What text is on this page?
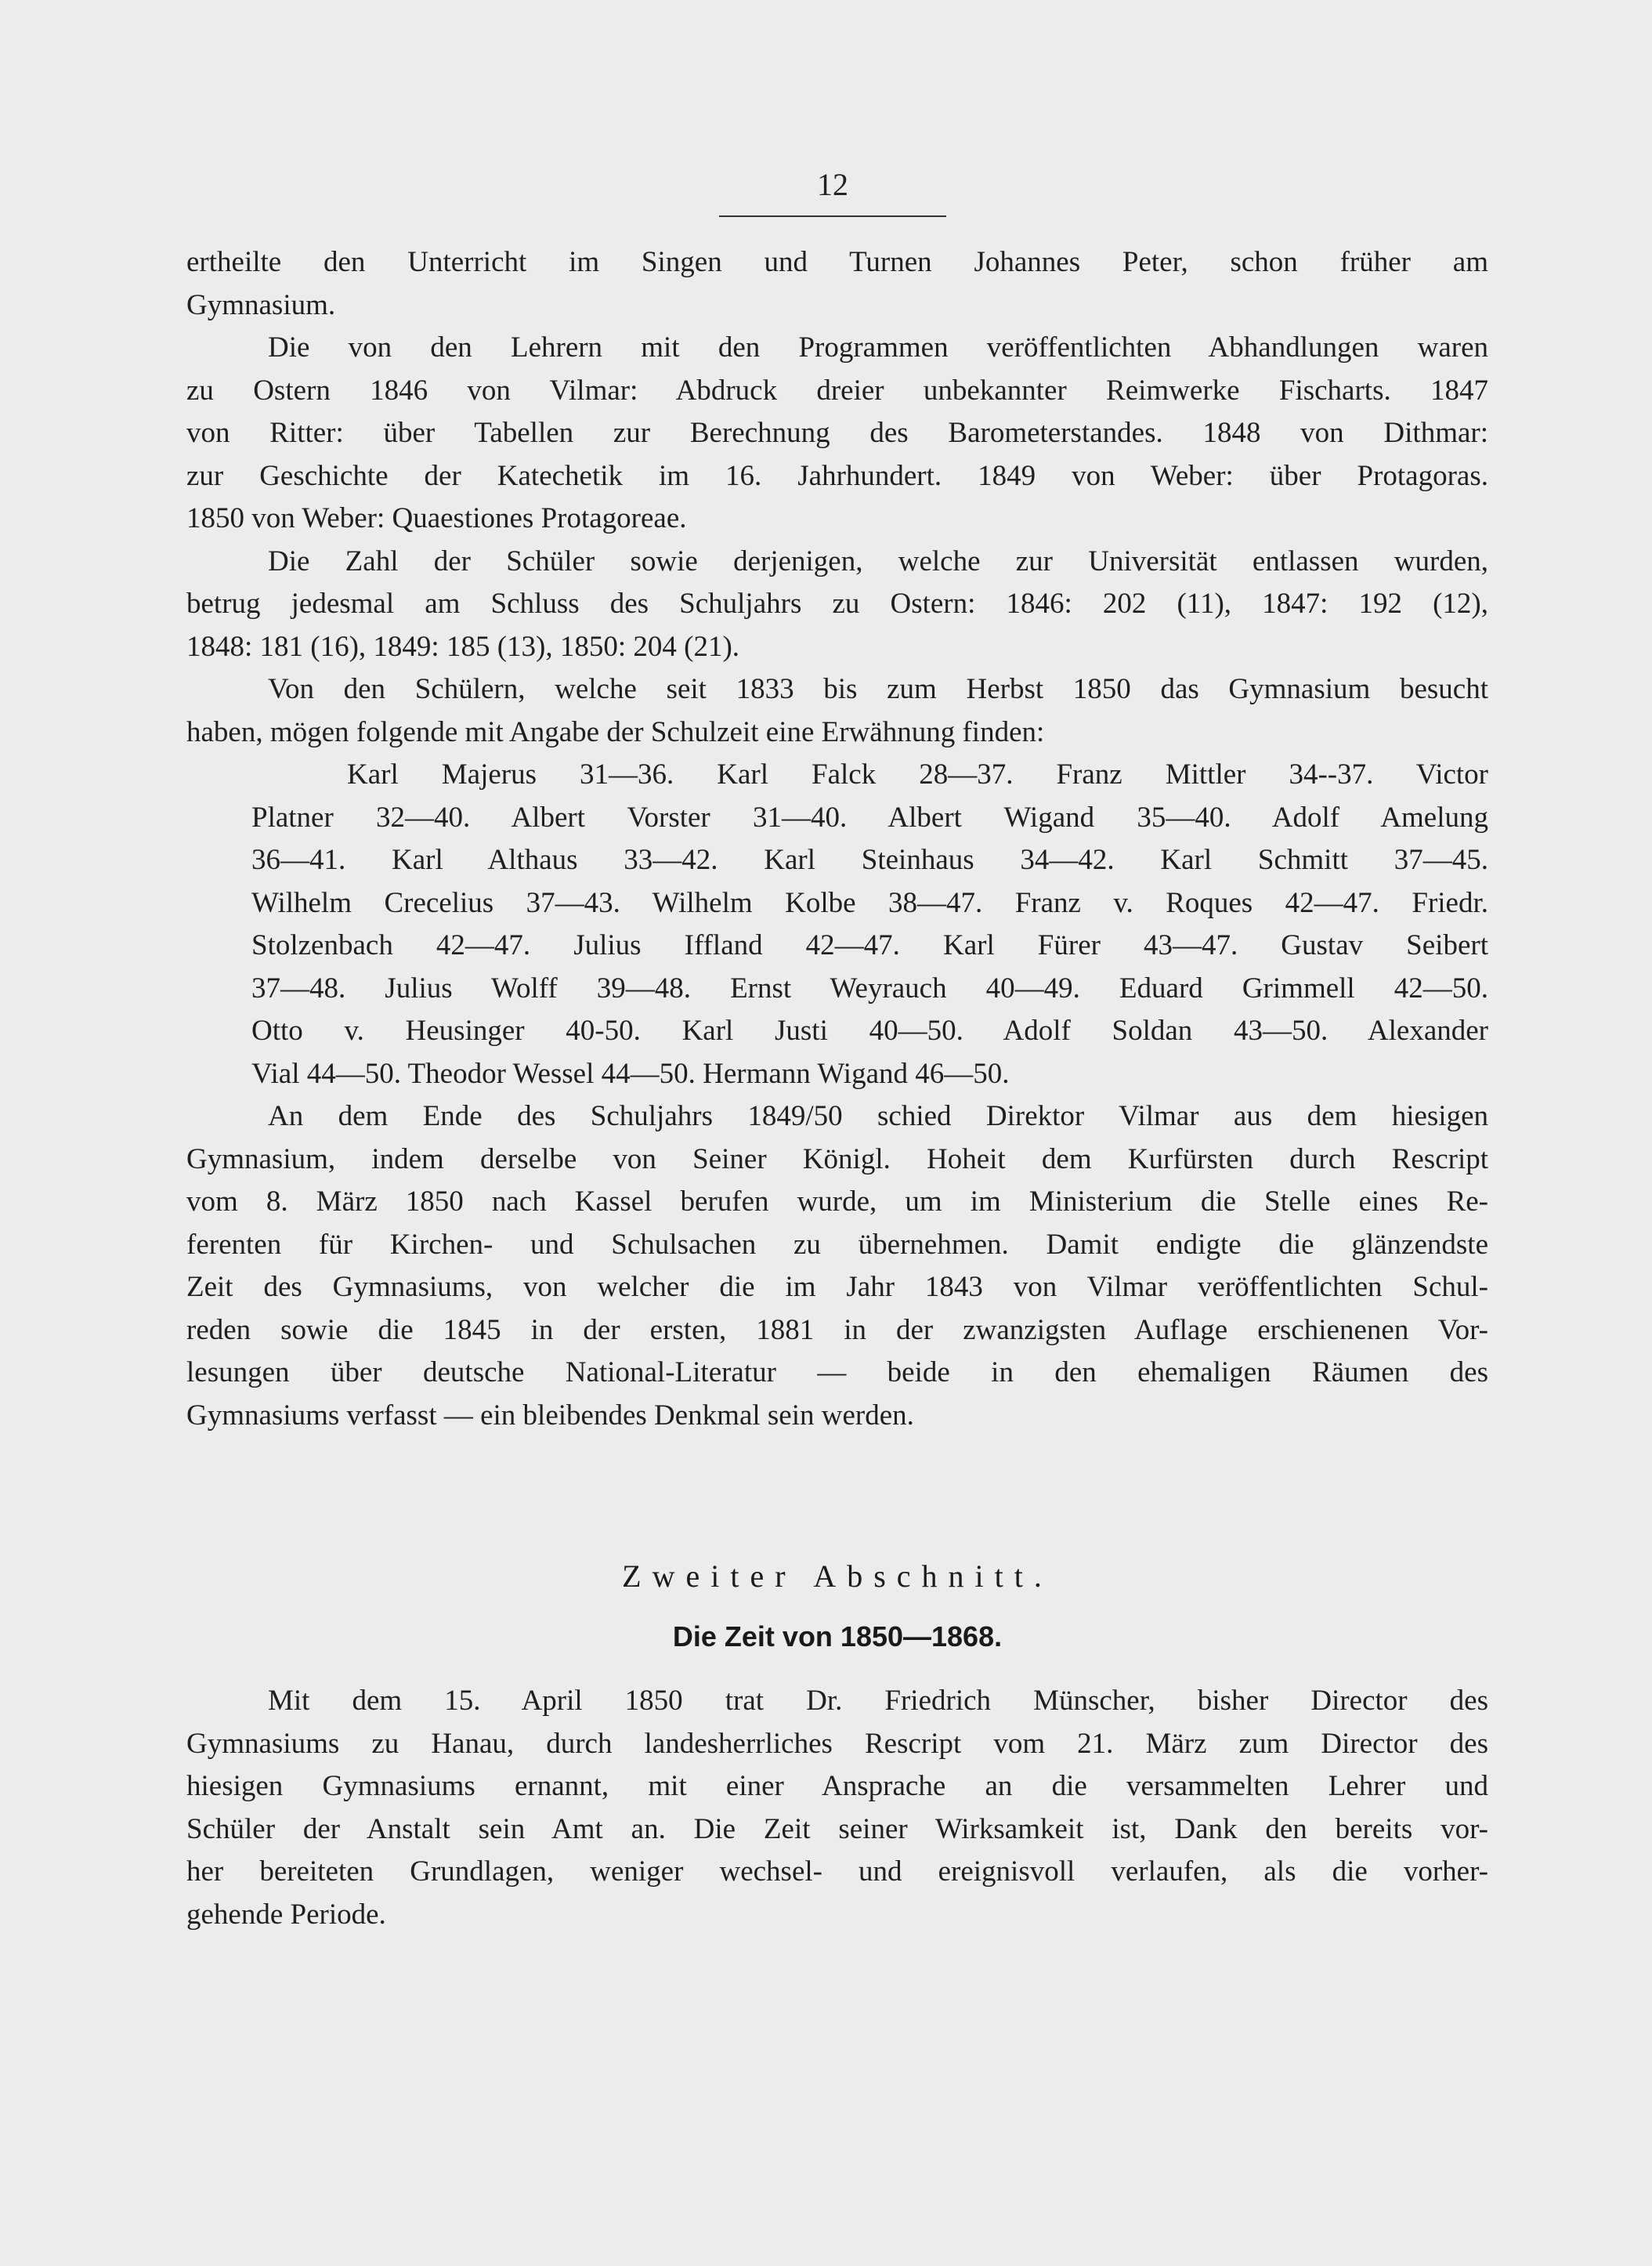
12
ertheilte den Unterricht im Singen und Turnen Johannes Peter, schon früher am
Gymnasium.
Die von den Lehrern mit den Programmen veröffentlichten Abhandlungen waren
zu Ostern 1846 von Vilmar: Abdruck dreier unbekannter Reimwerke Fischarts. 1847
von Ritter: über Tabellen zur Berechnung des Barometerstandes. 1848 von Dithmar:
zur Geschichte der Katechetik im 16. Jahrhundert. 1849 von Weber: über Protagoras.
1850 von Weber: Quaestiones Protagoreae.
Die Zahl der Schüler sowie derjenigen, welche zur Universität entlassen wurden,
betrug jedesmal am Schluss des Schuljahrs zu Ostern: 1846: 202 (11), 1847: 192 (12),
1848: 181 (16), 1849: 185 (13), 1850: 204 (21).
Von den Schülern, welche seit 1833 bis zum Herbst 1850 das Gymnasium besucht
haben, mögen folgende mit Angabe der Schulzeit eine Erwähnung finden:
Karl Majerus 31—36. Karl Falck 28—37. Franz Mittler 34--37. Victor
Platner 32—40. Albert Vorster 31—40. Albert Wigand 35—40. Adolf Amelung
36—41. Karl Althaus 33—42. Karl Steinhaus 34—42. Karl Schmitt 37—45.
Wilhelm Crecelius 37—43. Wilhelm Kolbe 38—47. Franz v. Roques 42—47. Friedr.
Stolzenbach 42—47. Julius Iffland 42—47. Karl Fürer 43—47. Gustav Seibert
37—48. Julius Wolff 39—48. Ernst Weyrauch 40—49. Eduard Grimmell 42—50.
Otto v. Heusinger 40-50. Karl Justi 40—50. Adolf Soldan 43—50. Alexander
Vial 44—50. Theodor Wessel 44—50. Hermann Wigand 46—50.
An dem Ende des Schuljahrs 1849/50 schied Direktor Vilmar aus dem hiesigen
Gymnasium, indem derselbe von Seiner Königl. Hoheit dem Kurfürsten durch Rescript
vom 8. März 1850 nach Kassel berufen wurde, um im Ministerium die Stelle eines Re-
ferenten für Kirchen- und Schulsachen zu übernehmen. Damit endigte die glänzendste
Zeit des Gymnasiums, von welcher die im Jahr 1843 von Vilmar veröffentlichten Schul-
reden sowie die 1845 in der ersten, 1881 in der zwanzigsten Auflage erschienenen Vor-
lesungen über deutsche National-Literatur — beide in den ehemaligen Räumen des
Gymnasiums verfasst — ein bleibendes Denkmal sein werden.
Zweiter Abschnitt.
Die Zeit von 1850—1868.
Mit dem 15. April 1850 trat Dr. Friedrich Münscher, bisher Director des
Gymnasiums zu Hanau, durch landesherrliches Rescript vom 21. März zum Director des
hiesigen Gymnasiums ernannt, mit einer Ansprache an die versammelten Lehrer und
Schüler der Anstalt sein Amt an. Die Zeit seiner Wirksamkeit ist, Dank den bereits vor-
her bereiteten Grundlagen, weniger wechsel- und ereignisvoll verlaufen, als die vorher-
gehende Periode.
